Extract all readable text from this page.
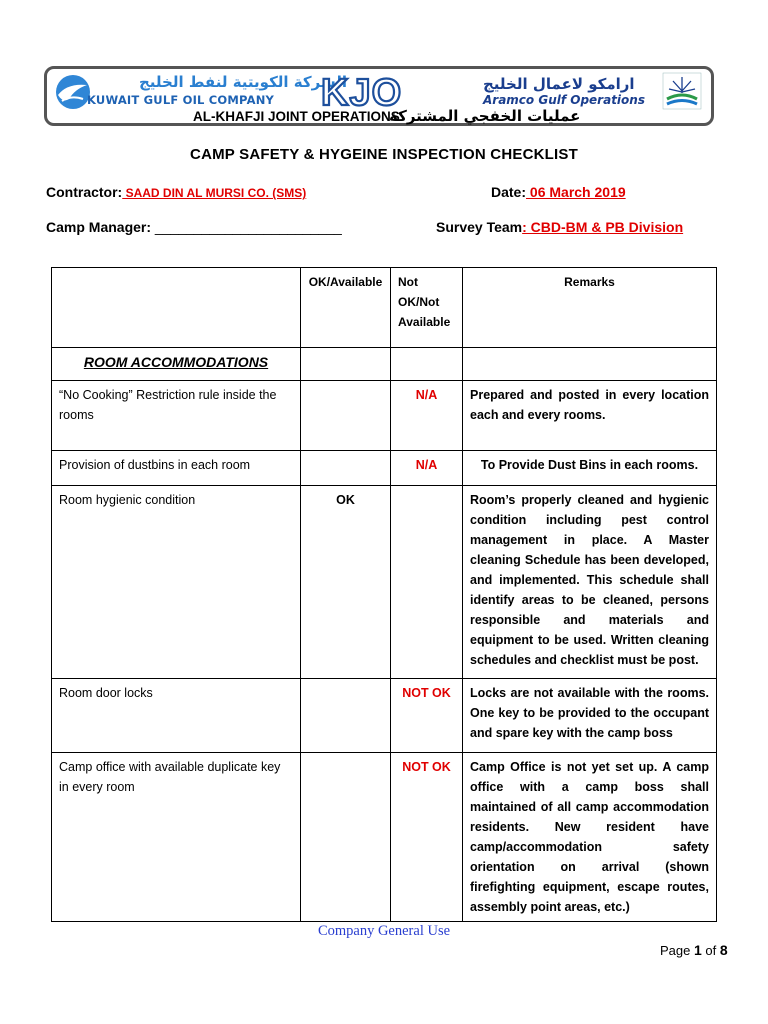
الشركة الكويتية لنفط الخليج
KUWAIT GULF OIL COMPANY KJO	ارامكو لاعمال الخليج
Aramco Gulf Operations
AL-KHAFJI JOINT OPERATIONS
عمليات الخفجي المشتركة
CAMP SAFETY & HYGEINE INSPECTION CHECKLIST
Contractor: SAAD DIN AL MURSI CO. (SMS)	Date: 06 March 2019
Camp Manager: ________________________	Survey Team: CBD-BM & PB Division
	OK/Available	Not OK/Not Available	Remarks
ROOM ACCOMMODATIONS			
“No Cooking” Restriction rule inside the rooms		N/A	Prepared and posted in every location each and every rooms.
Provision of dustbins in each room		N/A	To Provide Dust Bins in each rooms.
Room hygienic condition	OK		Room’s properly cleaned and hygienic condition including pest control management in place. A Master cleaning Schedule has been developed, and implemented. This schedule shall identify areas to be cleaned, persons responsible and materials and equipment to be used. Written cleaning schedules and checklist must be post.
Room door locks		NOT OK	Locks are not available with the rooms. One key to be provided to the occupant and spare key with the camp boss
Camp office with available duplicate key in every room		NOT OK	Camp Office is not yet set up. A camp office with a camp boss shall maintained of all camp accommodation residents. New resident have camp/accommodation safety orientation on arrival (shown firefighting equipment, escape routes, assembly point areas, etc.)
Company General Use
Page 1 of 8
